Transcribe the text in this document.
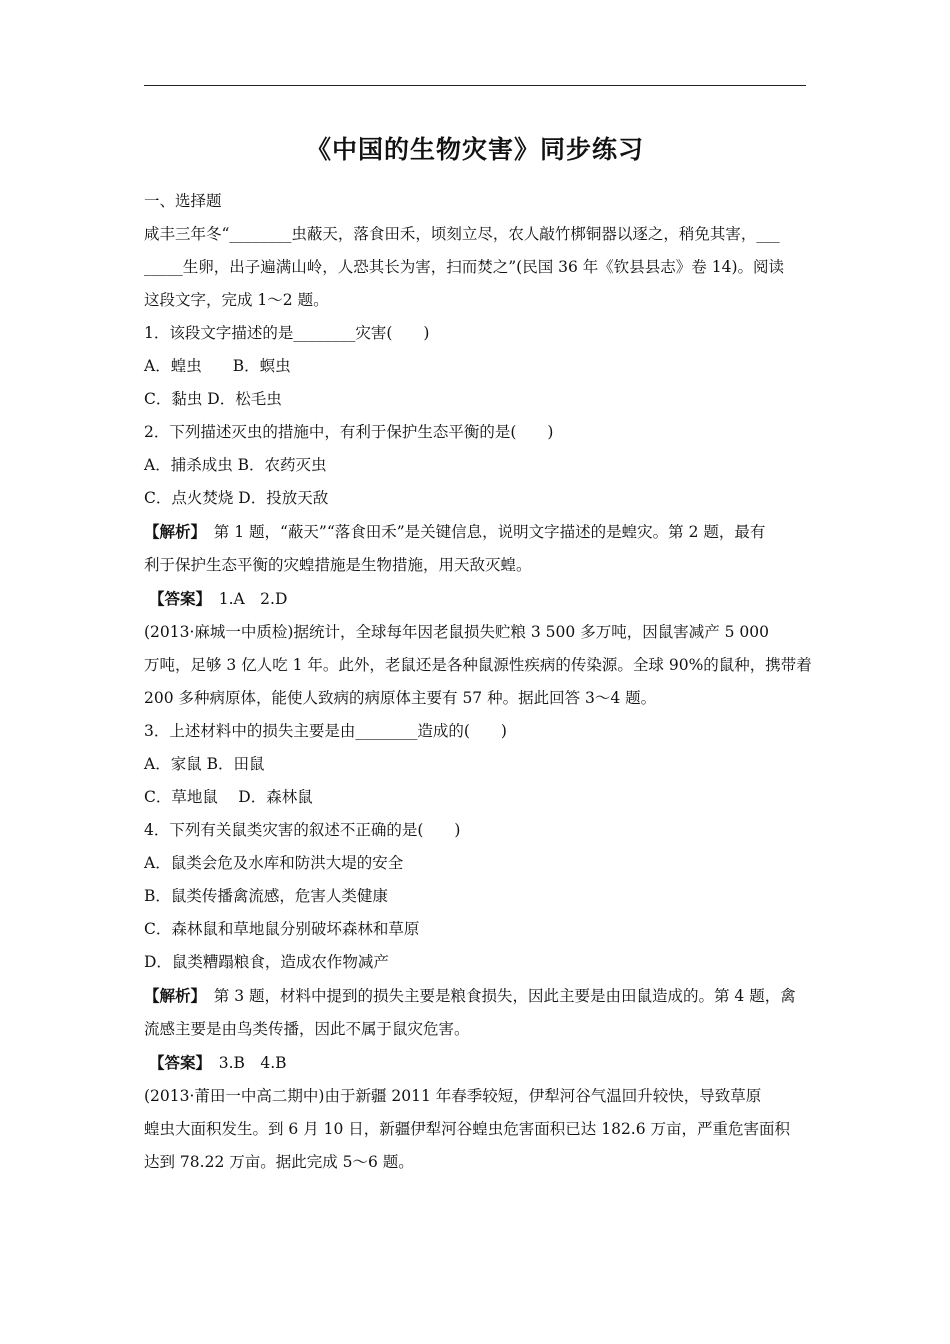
《中国的生物灾害》同步练习

一、选择题

咸丰三年冬“________虫蔽天，落食田禾，顷刻立尽，农人敲竹梆铜器以逐之，稍免其害，___

_____生卵，出子遍满山岭，人恐其长为害，扫而焚之”(民国 36 年《钦县县志》卷 14)。阅读

这段文字，完成 1～2 题。

1．该段文字描述的是________灾害(　　)

A．蝗虫　　B．螟虫

C．黏虫 D．松毛虫

2．下列描述灭虫的措施中，有利于保护生态平衡的是(　　)

A．捕杀成虫 B．农药灭虫

C．点火焚烧 D．投放天敌

【解析】　第 1 题，“蔽天”“落食田禾”是关键信息，说明文字描述的是蝗灾。第 2 题，最有

利于保护生态平衡的灾蝗措施是生物措施，用天敌灭蝗。

【答案】　1.A　2.D

(2013·麻城一中质检)据统计，全球每年因老鼠损失贮粮 3 500 多万吨，因鼠害减产 5 000

万吨，足够 3 亿人吃 1 年。此外，老鼠还是各种鼠源性疾病的传染源。全球 90%的鼠种，携带着

200 多种病原体，能使人致病的病原体主要有 57 种。据此回答 3～4 题。

3．上述材料中的损失主要是由________造成的(　　)

A．家鼠 B．田鼠

C．草地鼠　 D．森林鼠

4．下列有关鼠类灾害的叙述不正确的是(　　)

A．鼠类会危及水库和防洪大堤的安全

B．鼠类传播禽流感，危害人类健康

C．森林鼠和草地鼠分别破坏森林和草原

D．鼠类糟蹋粮食，造成农作物减产

【解析】　第 3 题，材料中提到的损失主要是粮食损失，因此主要是由田鼠造成的。第 4 题，禽

流感主要是由鸟类传播，因此不属于鼠灾危害。

【答案】　3.B　4.B

(2013·莆田一中高二期中)由于新疆 2011 年春季较短，伊犁河谷气温回升较快，导致草原

蝗虫大面积发生。到 6 月 10 日，新疆伊犁河谷蝗虫危害面积已达 182.6 万亩，严重危害面积

达到 78.22 万亩。据此完成 5～6 题。
